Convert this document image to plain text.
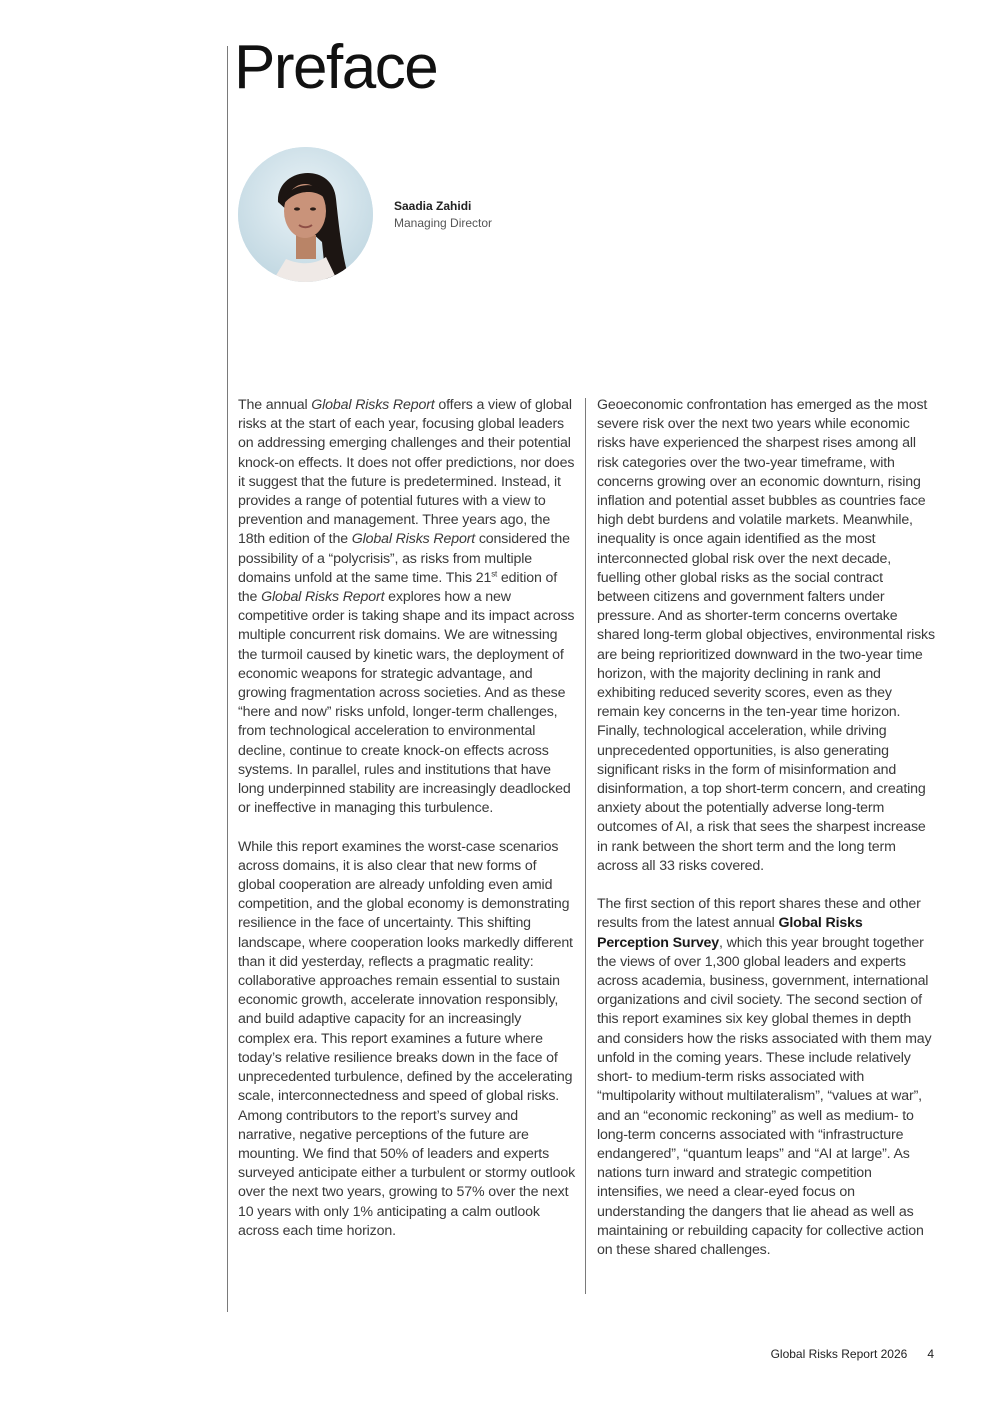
Preface
Saadia Zahidi
Managing Director

The annual Global Risks Report offers a view of global risks at the start of each year, focusing global leaders on addressing emerging challenges and their potential knock-on effects. It does not offer predictions, nor does it suggest that the future is predetermined. Instead, it provides a range of potential futures with a view to prevention and management. Three years ago, the 18th edition of the Global Risks Report considered the possibility of a “polycrisis”, as risks from multiple domains unfold at the same time. This 21st edition of the Global Risks Report explores how a new competitive order is taking shape and its impact across multiple concurrent risk domains. We are witnessing the turmoil caused by kinetic wars, the deployment of economic weapons for strategic advantage, and growing fragmentation across societies. And as these “here and now” risks unfold, longer-term challenges, from technological acceleration to environmental decline, continue to create knock-on effects across systems. In parallel, rules and institutions that have long underpinned stability are increasingly deadlocked or ineffective in managing this turbulence.

While this report examines the worst-case scenarios across domains, it is also clear that new forms of global cooperation are already unfolding even amid competition, and the global economy is demonstrating resilience in the face of uncertainty. This shifting landscape, where cooperation looks markedly different than it did yesterday, reflects a pragmatic reality: collaborative approaches remain essential to sustain economic growth, accelerate innovation responsibly, and build adaptive capacity for an increasingly complex era. This report examines a future where today’s relative resilience breaks down in the face of unprecedented turbulence, defined by the accelerating scale, interconnectedness and speed of global risks. Among contributors to the report’s survey and narrative, negative perceptions of the future are mounting. We find that 50% of leaders and experts surveyed anticipate either a turbulent or stormy outlook over the next two years, growing to 57% over the next 10 years with only 1% anticipating a calm outlook across each time horizon.

Geoeconomic confrontation has emerged as the most severe risk over the next two years while economic risks have experienced the sharpest rises among all risk categories over the two-year timeframe, with concerns growing over an economic downturn, rising inflation and potential asset bubbles as countries face high debt burdens and volatile markets. Meanwhile, inequality is once again identified as the most interconnected global risk over the next decade, fuelling other global risks as the social contract between citizens and government falters under pressure. And as shorter-term concerns overtake shared long-term global objectives, environmental risks are being reprioritized downward in the two-year time horizon, with the majority declining in rank and exhibiting reduced severity scores, even as they remain key concerns in the ten-year time horizon. Finally, technological acceleration, while driving unprecedented opportunities, is also generating significant risks in the form of misinformation and disinformation, a top short-term concern, and creating anxiety about the potentially adverse long-term outcomes of AI, a risk that sees the sharpest increase in rank between the short term and the long term across all 33 risks covered.

The first section of this report shares these and other results from the latest annual Global Risks Perception Survey, which this year brought together the views of over 1,300 global leaders and experts across academia, business, government, international organizations and civil society. The second section of this report examines six key global themes in depth and considers how the risks associated with them may unfold in the coming years. These include relatively short- to medium-term risks associated with “multipolarity without multilateralism”, “values at war”, and an “economic reckoning” as well as medium- to long-term concerns associated with “infrastructure endangered”, “quantum leaps” and “AI at large”. As nations turn inward and strategic competition intensifies, we need a clear-eyed focus on understanding the dangers that lie ahead as well as maintaining or rebuilding capacity for collective action on these shared challenges.

Global Risks Report 2026 4
